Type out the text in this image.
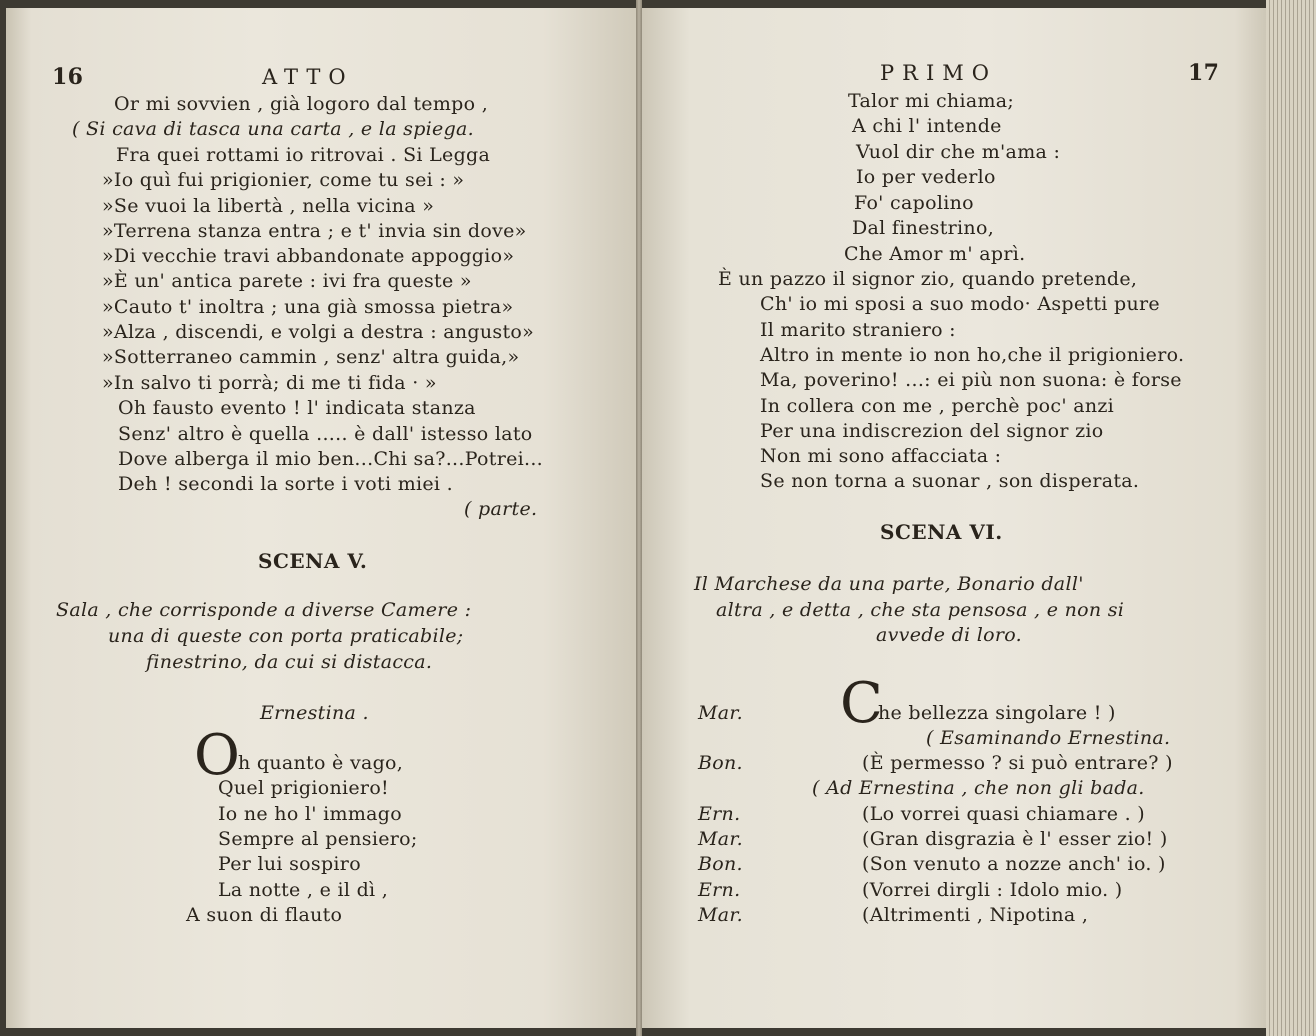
16	ATTO
Or mi sovvien , già logoro dal tempo ,
( Si cava di tasca una carta , e la spiega.
Fra quei rottami io ritrovai . Si Legga
»Io quì fui prigionier, come tu sei : »
»Se vuoi la libertà , nella vicina »
»Terrena stanza entra ; e t' invia sin dove»
»Di vecchie travi abbandonate appoggio»
»È un' antica parete : ivi fra queste »
»Cauto t' inoltra ; una già smossa pietra»
»Alza , discendi, e volgi a destra : angusto»
»Sotterraneo cammin , senz' altra guida,»
»In salvo ti porrà; di me ti fida · »
Oh fausto evento ! l' indicata stanza
Senz' altro è quella ..... è dall' istesso lato
Dove alberga il mio ben...Chi sa?...Potrei...
Deh ! secondi la sorte i voti miei .
( parte.
SCENA V.
Sala , che corrisponde a diverse Camere :
una di queste con porta praticabile;
finestrino, da cui si distacca.
Ernestina .
O
h quanto è vago,
Quel prigioniero!
Io ne ho l' immago
Sempre al pensiero;
Per lui sospiro
La notte , e il dì ,
A suon di flauto
PRIMO	17
Talor mi chiama;
A chi l' intende
Vuol dir che m'ama :
Io per vederlo
Fo' capolino
Dal finestrino,
Che Amor m' aprì.
È un pazzo il signor zio, quando pretende,
Ch' io mi sposi a suo modo· Aspetti pure
Il marito straniero :
Altro in mente io non ho,che il prigioniero.
Ma, poverino! ...: ei più non suona: è forse
In collera con me , perchè poc' anzi
Per una indiscrezion del signor zio
Non mi sono affacciata :
Se non torna a suonar , son disperata.
SCENA VI.
Il Marchese da una parte, Bonario dall'
altra , e detta , che sta pensosa , e non si
avvede di loro.
C
Mar.	he bellezza singolare ! )
( Esaminando Ernestina.
Bon.	(È permesso ? si può entrare? )
( Ad Ernestina , che non gli bada.
Ern.	(Lo vorrei quasi chiamare . )
Mar.	(Gran disgrazia è l' esser zio! )
Bon.	(Son venuto a nozze anch' io. )
Ern.	(Vorrei dirgli : Idolo mio. )
Mar.	(Altrimenti , Nipotina ,
